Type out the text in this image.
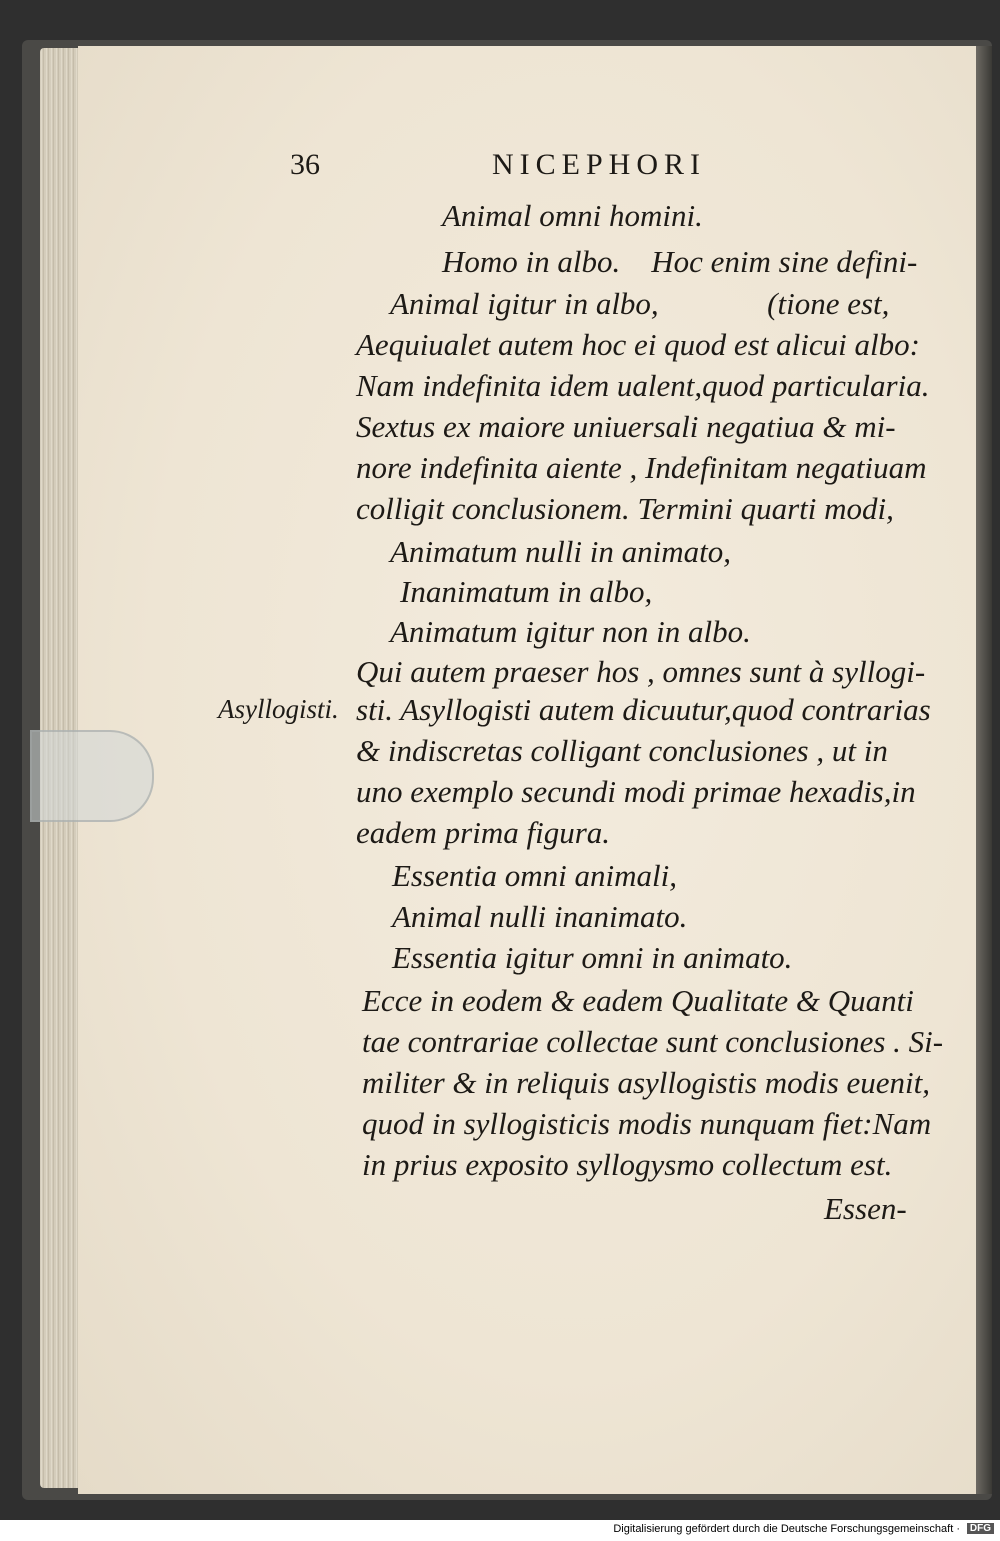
36	NICEPHORI
Animal omni homini.
Homo in albo.    Hoc enim sine defini-
Animal igitur in albo,              (tione est,
Aequiualet autem hoc ei quod est alicui albo:
Nam indefinita idem ualent,quod particularia.
Sextus ex maiore uniuersali negatiua & mi-
nore indefinita aiente , Indefinitam negatiuam
colligit conclusionem. Termini quarti modi,
Animatum nulli in animato,
Inanimatum in albo,
Animatum igitur non in albo.
Qui autem praeser hos , omnes sunt à syllogi-
Asyllogisti. sti. Asyllogisti autem dicuutur,quod contrarias
& indiscretas colligant conclusiones , ut in
uno exemplo secundi modi primae hexadis,in
eadem prima figura.
Essentia omni animali,
Animal nulli inanimato.
Essentia igitur omni in animato.
Ecce in eodem & eadem Qualitate & Quanti
tae contrariae collectae sunt conclusiones . Si-
militer & in reliquis asyllogistis modis euenit,
quod in syllogisticis modis nunquam fiet:Nam
in prius exposito syllogysmo collectum est.
Essen-
Digitalisierung gefördert durch die Deutsche Forschungsgemeinschaft · DFG
